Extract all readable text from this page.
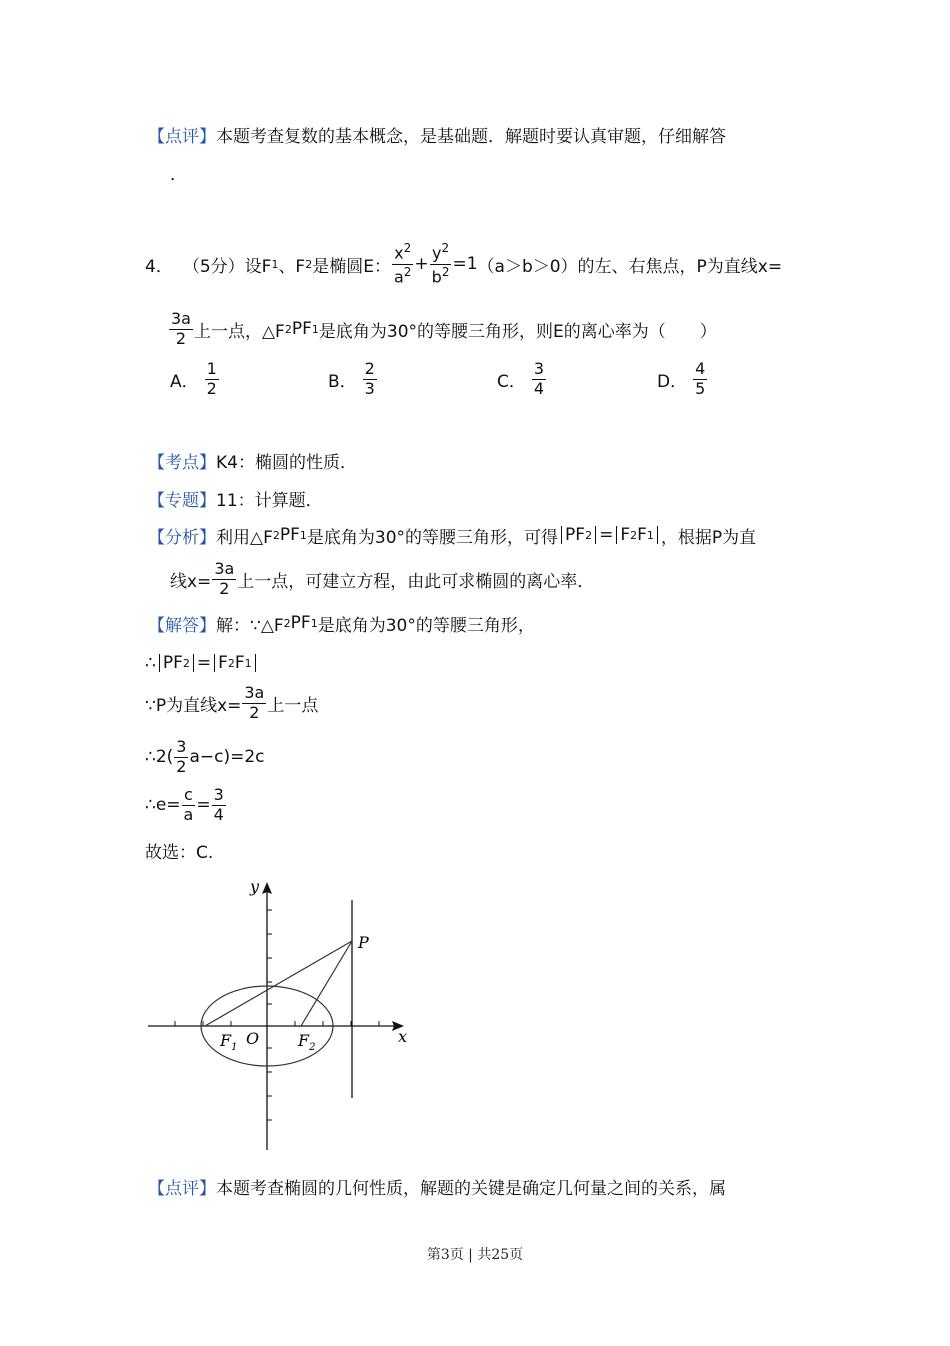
【点评】本题考查复数的基本概念，是基础题．解题时要认真审题，仔细解答
．
4． （5分） 设F 1 、F 2 是椭圆E： $\frac{x^2}{a^2} + \frac{y^2}{b^2} =1$ （a＞b＞0）的左、右焦点，P为直线x=
$\frac{3a}{2}$ 上一点，△F 2 PF 1 是底角为30°的等腰三角形，则E的离心率为（　　）
A． $\frac{1}{2}$	B． $\frac{2}{3}$	C． $\frac{3}{4}$	D． $\frac{4}{5}$
【考点】K4：椭圆的性质．
【专题】11：计算题．
【分析】 利用△F 2 PF 1 是底角为30°的等腰三角形，可得 PF 2 = F 2 F 1 ，根据P为直
线$x= \frac{3a}{2}$ 上一点，可建立方程，由此可求椭圆的离心率．
【解答】 解：∵△F 2 PF 1 是底角为30°的等腰三角形，
∴ PF 2 = F 2 F 1
∵P为直线$x= \frac{3a}{2}$ 上一点
∴2( $\frac{3}{2} a-c)=2c$
∴e= $\frac{c}{a} = \frac{3}{4}$
故选：C.
y
x
P
O
$F_1$	$F_2$
【点评】本题考查椭圆的几何性质，解题的关键是确定几何量之间的关系，属
第3页 | 共25页
